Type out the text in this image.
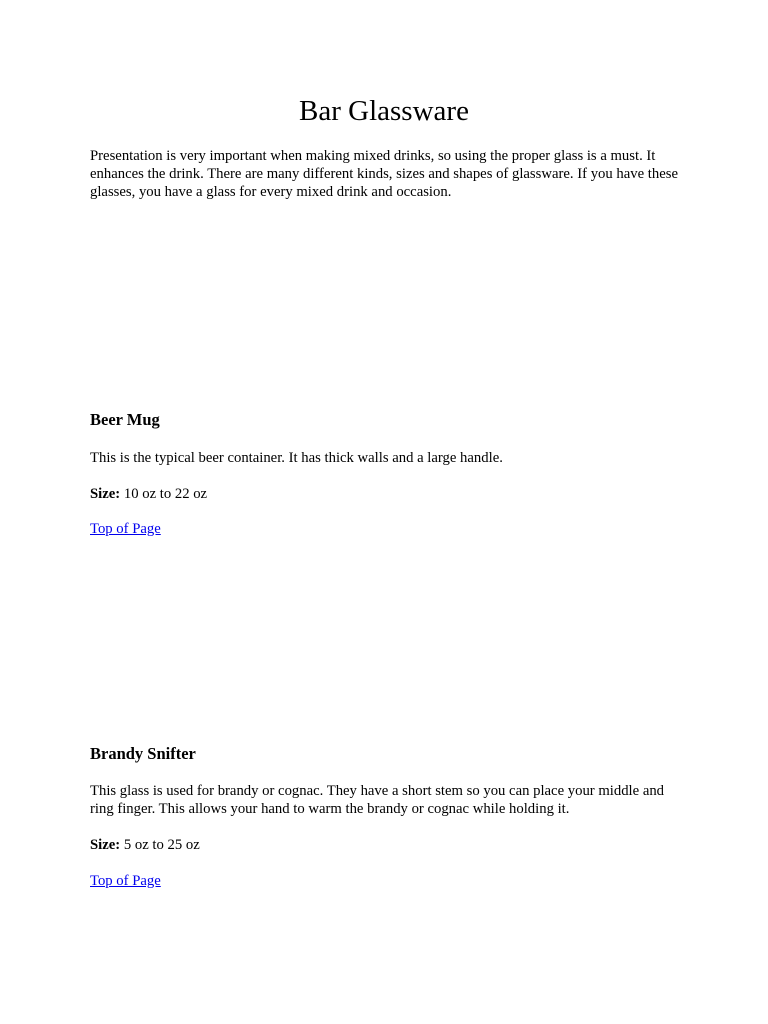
Bar Glassware

Presentation is very important when making mixed drinks, so using the proper glass is a must. It enhances the drink. There are many different kinds, sizes and shapes of glassware. If you have these glasses, you have a glass for every mixed drink and occasion.

Beer Mug

This is the typical beer container. It has thick walls and a large handle.

Size: 10 oz to 22 oz

Top of Page
Brandy Snifter

This glass is used for brandy or cognac. They have a short stem so you can place your middle and ring finger. This allows your hand to warm the brandy or cognac while holding it.

Size: 5 oz to 25 oz

Top of Page
